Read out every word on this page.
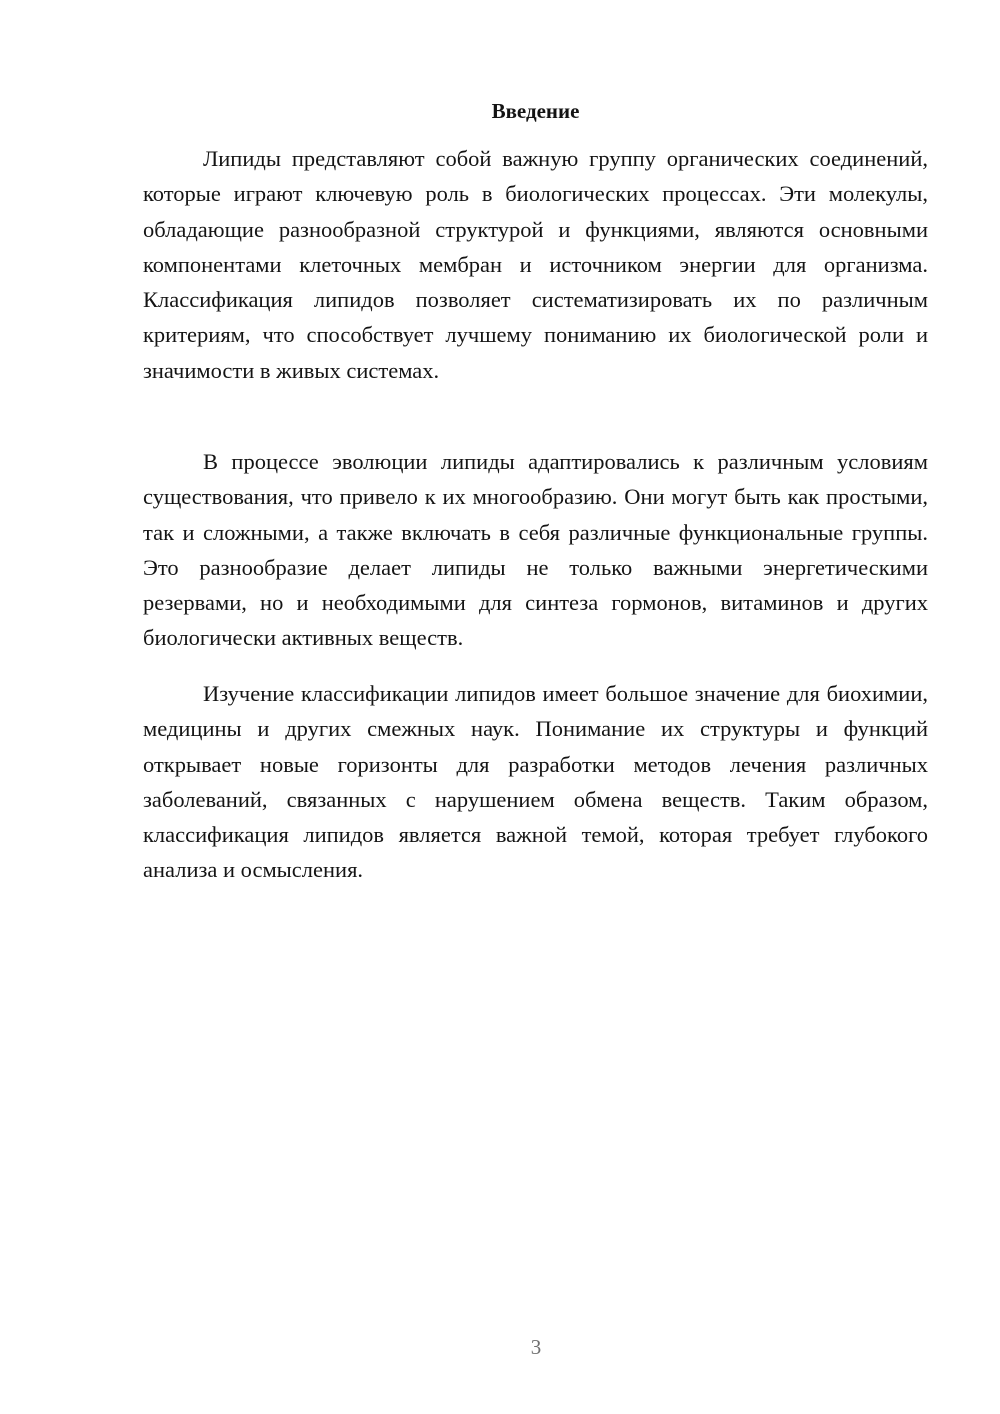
Введение

Липиды представляют собой важную группу органических соединений, которые играют ключевую роль в биологических процессах. Эти молекулы, обладающие разнообразной структурой и функциями, являются основными компонентами клеточных мембран и источником энергии для организма. Классификация липидов позволяет систематизировать их по различным критериям, что способствует лучшему пониманию их биологической роли и значимости в живых системах.

В процессе эволюции липиды адаптировались к различным условиям существования, что привело к их многообразию. Они могут быть как простыми, так и сложными, а также включать в себя различные функциональные группы. Это разнообразие делает липиды не только важными энергетическими резервами, но и необходимыми для синтеза гормонов, витаминов и других биологически активных веществ.

Изучение классификации липидов имеет большое значение для биохимии, медицины и других смежных наук. Понимание их структуры и функций открывает новые горизонты для разработки методов лечения различных заболеваний, связанных с нарушением обмена веществ. Таким образом, классификация липидов является важной темой, которая требует глубокого анализа и осмысления.

3
